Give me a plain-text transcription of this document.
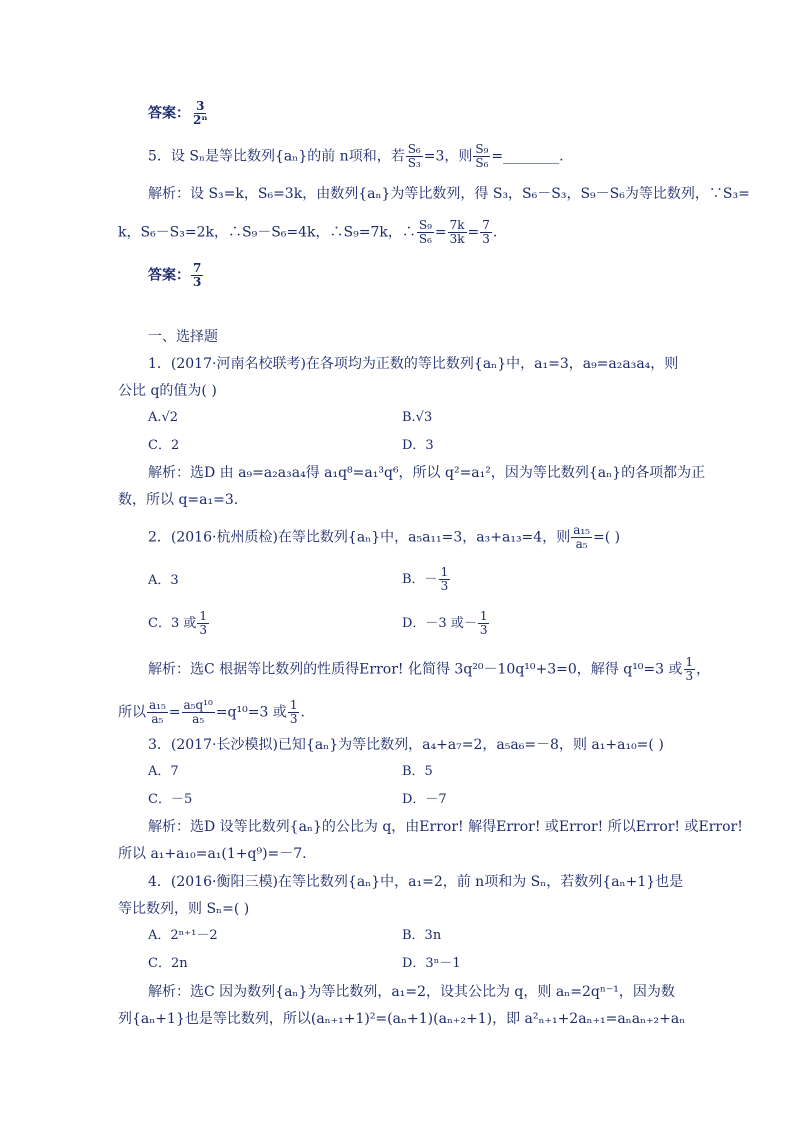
答案： $\frac{3}{\text{2ⁿ}}$
5．设 Sₙ是等比数列{aₙ}的前 n项和，若 $\frac{\text{S₆}}{\text{S₃}} =3$，则 $\frac{\text{S₉}}{\text{S₆}}$ =________.
解析：设 S₃=k，S₆=3k，由数列{aₙ}为等比数列，得 S₃，S₆－S₃，S₉－S₆为等比数列，∵S₃=
k，S₆－S₃=2k，∴S₉－S₆=4k，∴S₉=7k，∴ $\frac{\text{S₉}}{\text{S₆}} = \frac{7k}{3k} = \frac{7}{3}$ .
答案： $\frac{7}{3}$
一、选择题
1．(2017·河南名校联考)在各项均为正数的等比数列{aₙ}中，a₁=3，a₉=a₂a₃a₄，则
公比 q的值为( )
A.√2	B.√3
C．2	D．3
解析：选D 由 a₉=a₂a₃a₄得 a₁q⁸=a₁³q⁶，所以 q²=a₁²，因为等比数列{aₙ}的各项都为正
数，所以 q=a₁=3.
2．(2016·杭州质检)在等比数列{aₙ}中，a₅a₁₁=3，a₃+a₁₃=4，则 $\frac{\text{a₁₅}}{\text{a₅}}$ =( )
A．3	B．－ $\frac{1}{3}$
C．3 或 $\frac{1}{3}$	D．－3 或－ $\frac{1}{3}$
解析：选C 根据等比数列的性质得Error! 化简得 3q²⁰－10q¹⁰+3=0，解得 q¹⁰=3 或 $\frac{1}{3}$ ，
所以 $\frac{\text{a₁₅}}{\text{a₅}} = \frac{\text{a₅q¹⁰}}{\text{a₅}} =q^{10}=3$ 或 $\frac{1}{3}$ .
3．(2017·长沙模拟)已知{aₙ}为等比数列，a₄+a₇=2，a₅a₆=－8，则 a₁+a₁₀=( )
A．7	B．5
C．－5	D．－7
解析：选D 设等比数列{aₙ}的公比为 q，由Error! 解得Error! 或Error! 所以Error! 或Error!
所以 a₁+a₁₀=a₁(1+q⁹)=－7.
4．(2016·衡阳三模)在等比数列{aₙ}中，a₁=2，前 n项和为 Sₙ，若数列{aₙ+1}也是
等比数列，则 Sₙ=( )
A．2ⁿ⁺¹－2	B．3n
C．2n	D．3ⁿ－1
解析：选C 因为数列{aₙ}为等比数列，a₁=2，设其公比为 q，则 aₙ=2qⁿ⁻¹，因为数
列{aₙ+1}也是等比数列，所以(aₙ₊₁+1)²=(aₙ+1)(aₙ₊₂+1)，即 a²ₙ₊₁+2aₙ₊₁=aₙaₙ₊₂+aₙ
